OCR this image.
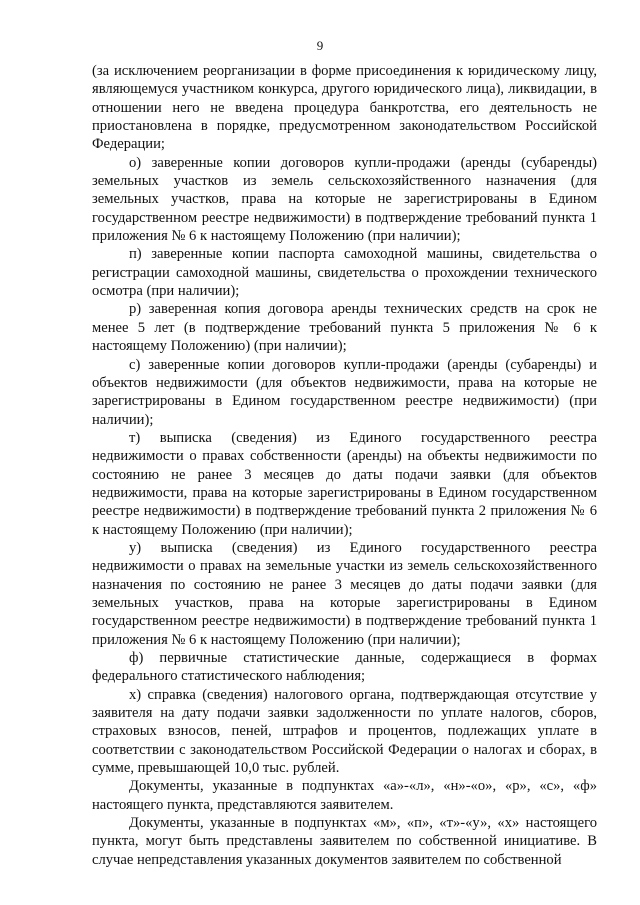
9

(за исключением реорганизации в форме присоединения к юридическому лицу, являющемуся участником конкурса, другого юридического лица), ликвидации, в отношении него не введена процедура банкротства, его деятельность не приостановлена в порядке, предусмотренном законодательством Российской Федерации;

о) заверенные копии договоров купли-продажи (аренды (субаренды) земельных участков из земель сельскохозяйственного назначения (для земельных участков, права на которые не зарегистрированы в Едином государственном реестре недвижимости) в подтверждение требований пункта 1 приложения № 6 к настоящему Положению (при наличии);

п) заверенные копии паспорта самоходной машины, свидетельства о регистрации самоходной машины, свидетельства о прохождении технического осмотра (при наличии);

р) заверенная копия договора аренды технических средств на срок не менее 5 лет (в подтверждение требований пункта 5 приложения № 6 к настоящему Положению) (при наличии);

с) заверенные копии договоров купли-продажи (аренды (субаренды) и объектов недвижимости (для объектов недвижимости, права на которые не зарегистрированы в Едином государственном реестре недвижимости) (при наличии);

т) выписка (сведения) из Единого государственного реестра недвижимости о правах собственности (аренды) на объекты недвижимости по состоянию не ранее 3 месяцев до даты подачи заявки (для объектов недвижимости, права на которые зарегистрированы в Едином государственном реестре недвижимости) в подтверждение требований пункта 2 приложения № 6 к настоящему Положению (при наличии);

у) выписка (сведения) из Единого государственного реестра недвижимости о правах на земельные участки из земель сельскохозяйственного назначения по состоянию не ранее 3 месяцев до даты подачи заявки (для земельных участков, права на которые зарегистрированы в Едином государственном реестре недвижимости) в подтверждение требований пункта 1 приложения № 6 к настоящему Положению (при наличии);

ф) первичные статистические данные, содержащиеся в формах федерального статистического наблюдения;

х) справка (сведения) налогового органа, подтверждающая отсутствие у заявителя на дату подачи заявки задолженности по уплате налогов, сборов, страховых взносов, пеней, штрафов и процентов, подлежащих уплате в соответствии с законодательством Российской Федерации о налогах и сборах, в сумме, превышающей 10,0 тыс. рублей.

Документы, указанные в подпунктах «а»-«л», «н»-«о», «р», «с», «ф» настоящего пункта, представляются заявителем.

Документы, указанные в подпунктах «м», «п», «т»-«у», «х» настоящего пункта, могут быть представлены заявителем по собственной инициативе. В случае непредставления указанных документов заявителем по собственной
